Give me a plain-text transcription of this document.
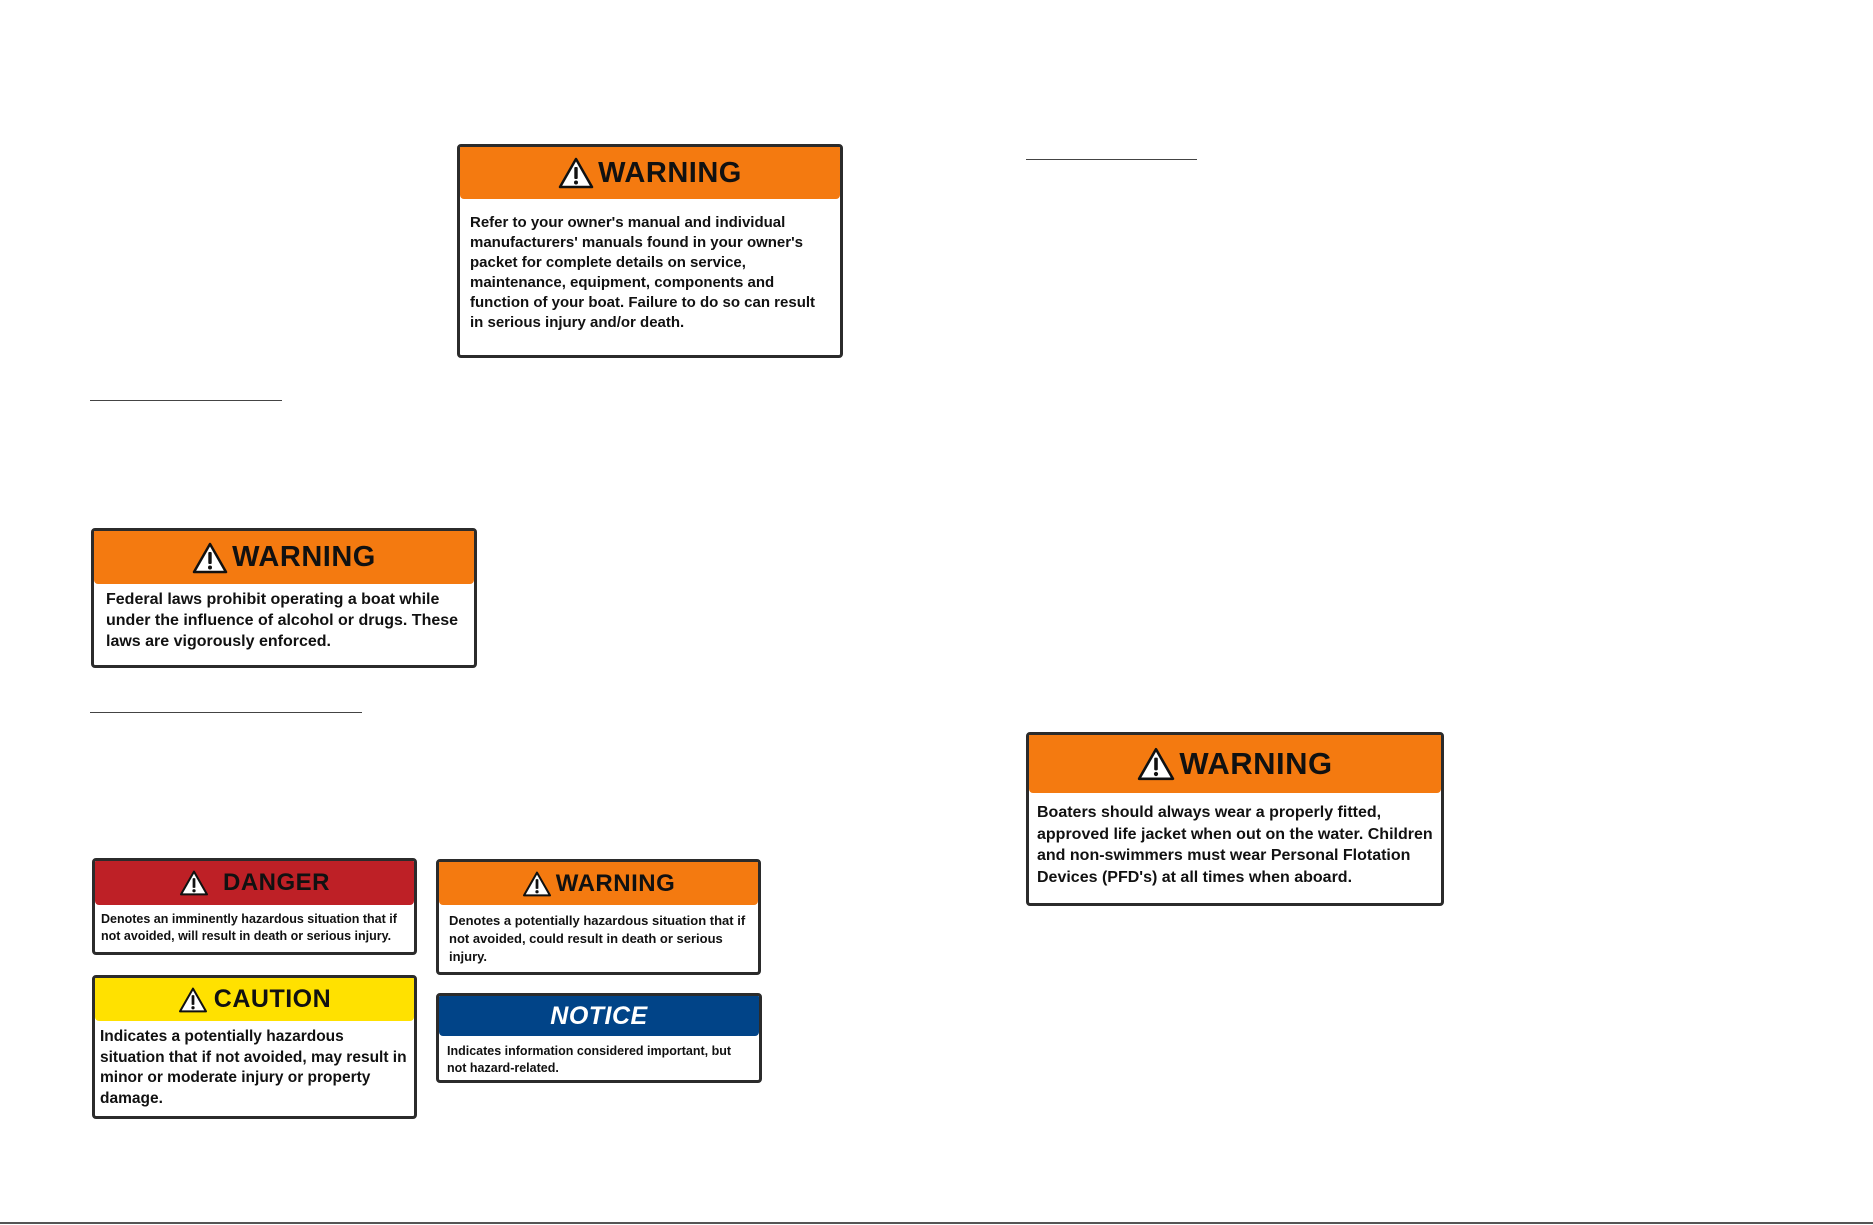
WARNING
Refer to your owner's manual and individual manufacturers' manuals found in your owner's packet for complete details on service, maintenance, equipment, components and function of your boat. Failure to do so can result in serious injury and/or death.
WARNING
Federal laws prohibit operating a boat while under the influence of alcohol or drugs. These laws are vigorously enforced.
DANGER
Denotes an imminently hazardous situation that if not avoided, will result in death or serious injury.
WARNING
Denotes a potentially hazardous situation that if not avoided, could result in death or serious injury.
CAUTION
Indicates a potentially hazardous situation that if not avoided, may result in minor or moderate injury or property damage.
NOTICE
Indicates information considered important, but not hazard-related.
WARNING
Boaters should always wear a properly fitted, approved life jacket when out on the water. Children and non-swimmers must wear Personal Flotation Devices (PFD's) at all times when aboard.
